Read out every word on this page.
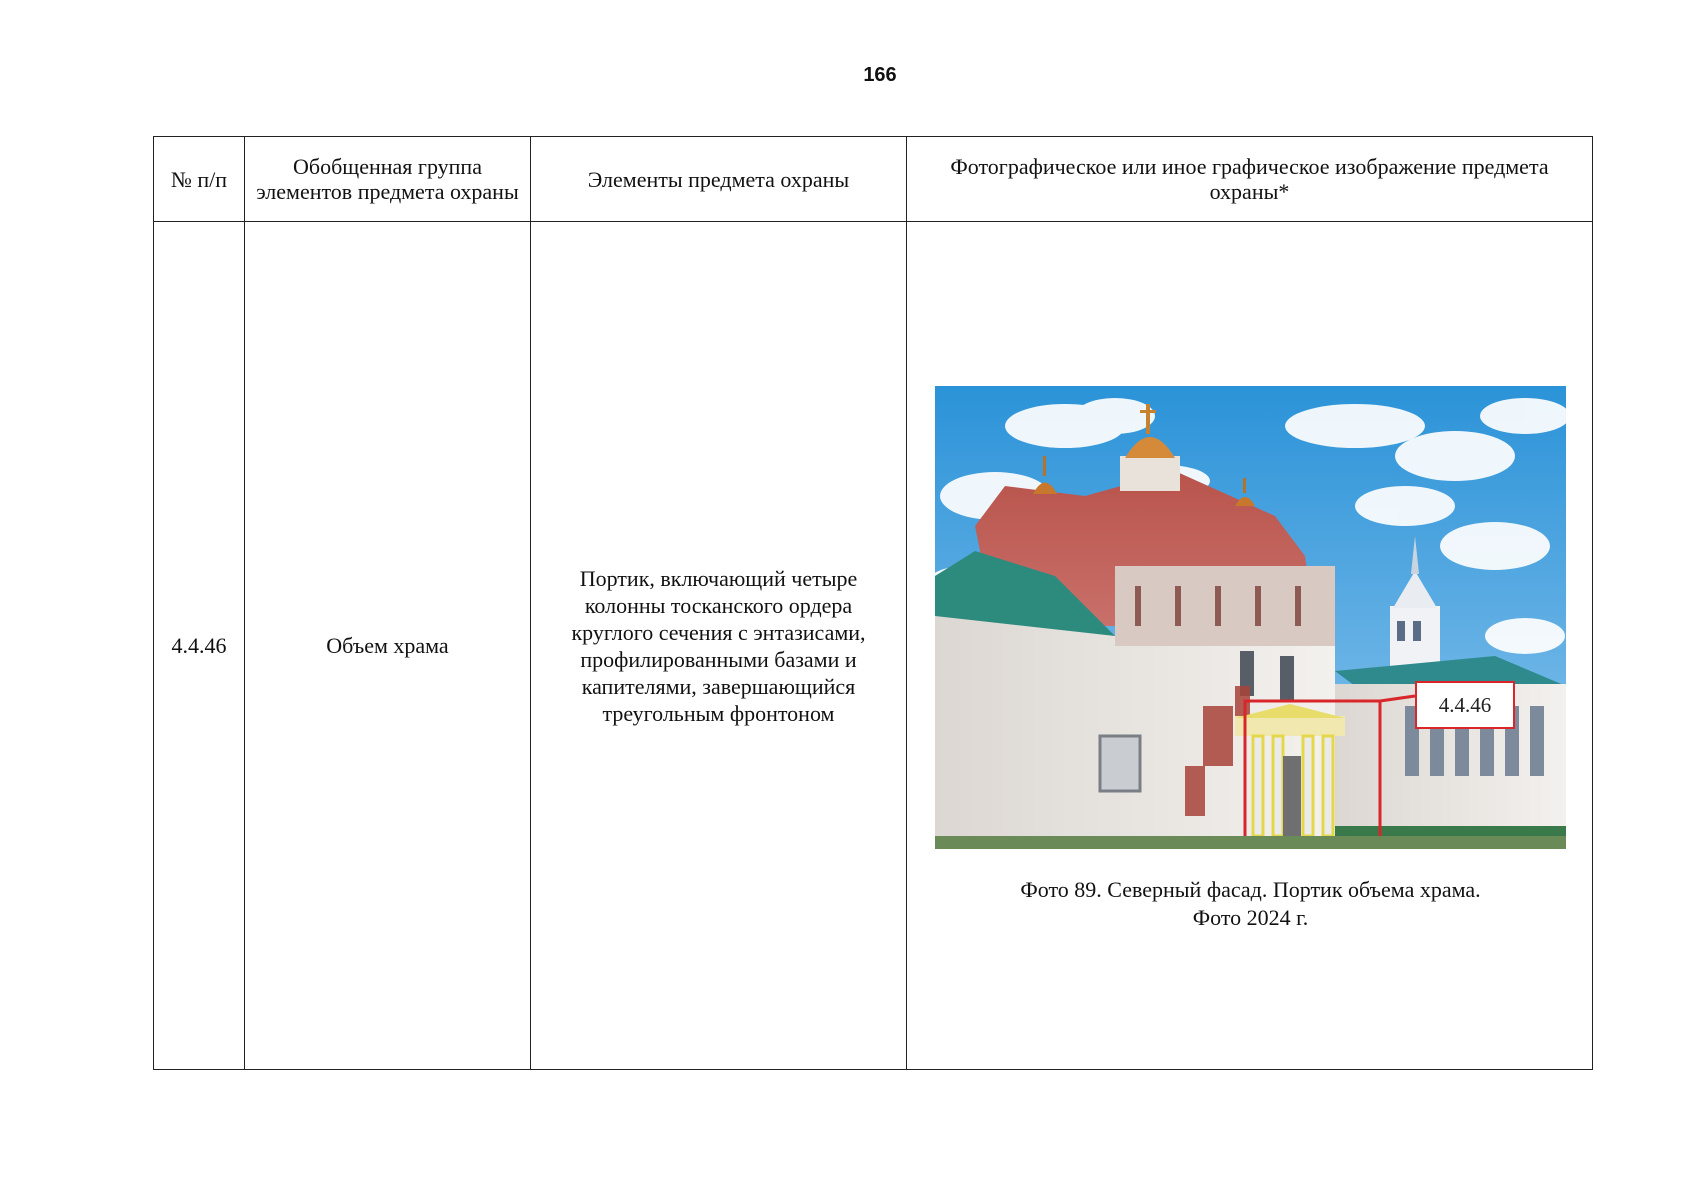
166
№ п/п	Обобщенная группа элементов предмета охраны	Элементы предмета охраны	Фотографическое или иное графическое изображение предмета охраны*
4.4.46	Объем храма	Портик, включающий четыре колонны тосканского ордера круглого сечения с энтазисами, профилированными базами и капителями, завершающийся треугольным фронтоном	4.4.46
Фото 89. Северный фасад. Портик объема храма.
Фото 2024 г.
